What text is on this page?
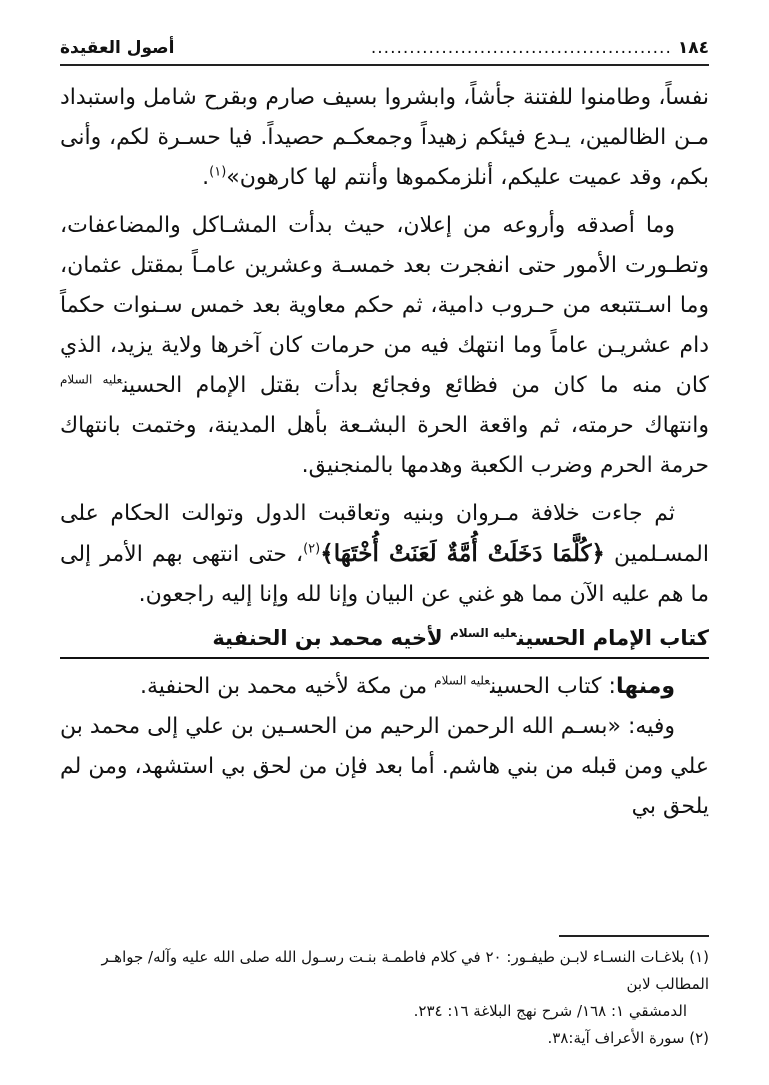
١٨٤
...............................................
أصول العقيدة

نفساً، وطامنوا للفتنة جأشاً، وابشروا بسيف صارم وبقرح شامل واستبداد مـن الظالمين، يـدع فيئكم زهيداً وجمعكـم حصيداً. فيا حسـرة لكم، وأنى بكم، وقد عميت عليكم، أنلزمكموها وأنتم لها كارهون»$^{(١)}$.

وما أصدقه وأروعه من إعلان، حيث بدأت المشـاكل والمضاعفات، وتطـورت الأمور حتى انفجرت بعد خمسـة وعشرين عامـاً بمقتل عثمان، وما اسـتتبعه من حـروب دامية، ثم حكم معاوية بعد خمس سـنوات حكماً دام عشريـن عاماً وما انتهك فيه من حرمات كان آخرها ولاية يزيد، الذي كان منه ما كان من فظائع وفجائع بدأت بقتل الإمام الحسين$^{عليه السلام}$ وانتهاك حرمته، ثم واقعة الحرة البشـعة بأهل المدينة، وختمت بانتهاك حرمة الحرم وضرب الكعبة وهدمها بالمنجنيق.

ثم جاءت خلافة مـروان وبنيه وتعاقبت الدول وتوالت الحكام على المسـلمين ﴿كُلَّمَا دَخَلَتْ أُمَّةٌ لَعَنَتْ أُخْتَهَا﴾$^{(٢)}$، حتى انتهى بهم الأمر إلى ما هم عليه الآن مما هو غني عن البيان وإنا لله وإنا إليه راجعون.

كتاب الإمام الحسين$^{عليه السلام}$ لأخيه محمد بن الحنفية

ومنها: كتاب الحسين$^{عليه السلام}$ من مكة لأخيه محمد بن الحنفية.

وفيه: «بسـم الله الرحمن الرحيم من الحسـين بن علي إلى محمد بن علي ومن قبله من بني هاشم. أما بعد فإن من لحق بي استشهد، ومن لم يلحق بي

(١) بلاغـات النسـاء لابـن طيفـور: ٢٠ في كلام فاطمـة بنـت رسـول الله صلى الله عليه وآله/ جواهـر المطالب لابن

الدمشقي ١: ١٦٨/ شرح نهج البلاغة ١٦: ٢٣٤.

(٢) سورة الأعراف آية:٣٨.
